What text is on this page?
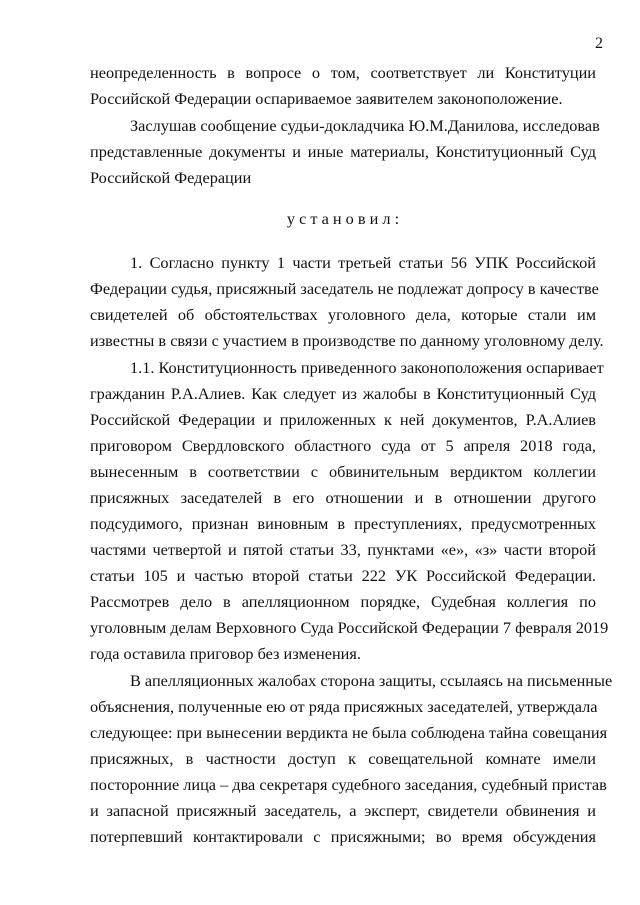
2
неопределенность в вопросе о том, соответствует ли Конституции
Российской Федерации оспариваемое заявителем законоположение.
Заслушав сообщение судьи-докладчика Ю.М.Данилова, исследовав
представленные документы и иные материалы, Конституционный Суд
Российской Федерации
у с т а н о в и л :
1. Согласно пункту 1 части третьей статьи 56 УПК Российской
Федерации судья, присяжный заседатель не подлежат допросу в качестве
свидетелей об обстоятельствах уголовного дела, которые стали им
известны в связи с участием в производстве по данному уголовному делу.
1.1. Конституционность приведенного законоположения оспаривает
гражданин Р.А.Алиев. Как следует из жалобы в Конституционный Суд
Российской Федерации и приложенных к ней документов, Р.А.Алиев
приговором Свердловского областного суда от 5 апреля 2018 года,
вынесенным в соответствии с обвинительным вердиктом коллегии
присяжных заседателей в его отношении и в отношении другого
подсудимого, признан виновным в преступлениях, предусмотренных
частями четвертой и пятой статьи 33, пунктами «е», «з» части второй
статьи 105 и частью второй статьи 222 УК Российской Федерации.
Рассмотрев дело в апелляционном порядке, Судебная коллегия по
уголовным делам Верховного Суда Российской Федерации 7 февраля 2019
года оставила приговор без изменения.
В апелляционных жалобах сторона защиты, ссылаясь на письменные
объяснения, полученные ею от ряда присяжных заседателей, утверждала
следующее: при вынесении вердикта не была соблюдена тайна совещания
присяжных, в частности доступ к совещательной комнате имели
посторонние лица – два секретаря судебного заседания, судебный пристав
и запасной присяжный заседатель, а эксперт, свидетели обвинения и
потерпевший контактировали с присяжными; во время обсуждения
